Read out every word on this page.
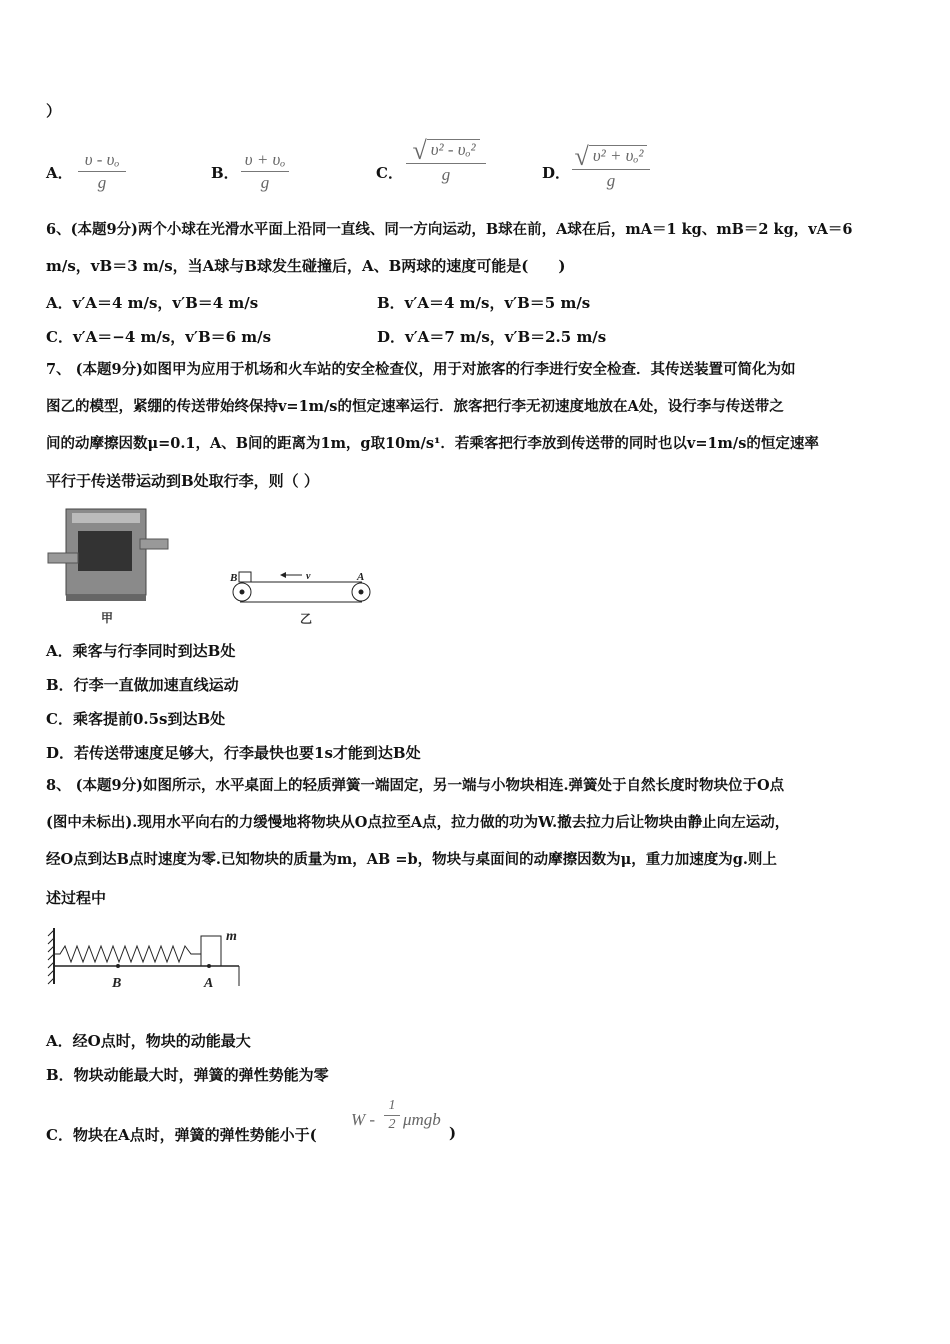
）
A．
υ - υₒ
g	B．
υ + υₒ
g	C．
√ υ² - υₒ²
g	D．
√ υ² + υₒ²
g
6、(本题9分)两个小球在光滑水平面上沿同一直线、同一方向运动，B球在前，A球在后，mA＝1 kg、mB＝2 kg，vA＝6
m/s，vB＝3 m/s，当A球与B球发生碰撞后，A、B两球的速度可能是(　　)
A．v′A＝4 m/s，v′B＝4 m/s	B．v′A＝4 m/s，v′B＝5 m/s
C．v′A＝−4 m/s，v′B＝6 m/s	D．v′A＝7 m/s，v′B＝2.5 m/s
7、 (本题9分)如图甲为应用于机场和火车站的安全检查仪，用于对旅客的行李进行安全检查．其传送装置可简化为如
图乙的模型，紧绷的传送带始终保持v=1m/s的恒定速率运行．旅客把行李无初速度地放在A处，设行李与传送带之
间的动摩擦因数μ=0.1，A、B间的距离为1m，g取10m/s¹．若乘客把行李放到传送带的同时也以v=1m/s的恒定速率
平行于传送带运动到B处取行李，则（ ）
甲
B	v	A
乙
A．乘客与行李同时到达B处
B．行李一直做加速直线运动
C．乘客提前0.5s到达B处
D．若传送带速度足够大，行李最快也要1s才能到达B处
8、 (本题9分)如图所示，水平桌面上的轻质弹簧一端固定，另一端与小物块相连.弹簧处于自然长度时物块位于O点
(图中未标出).现用水平向右的力缓慢地将物块从O点拉至A点，拉力做的功为W.撤去拉力后让物块由静止向左运动，
经O点到达B点时速度为零.已知物块的质量为m，AB =b，物块与桌面间的动摩擦因数为μ，重力加速度为g.则上
述过程中
m
B	A
A．经O点时，物块的动能最大
B．物块动能最大时，弹簧的弹性势能为零
C．物块在A点时，弹簧的弹性势能小于(
W -
1
2 μmgb
)
